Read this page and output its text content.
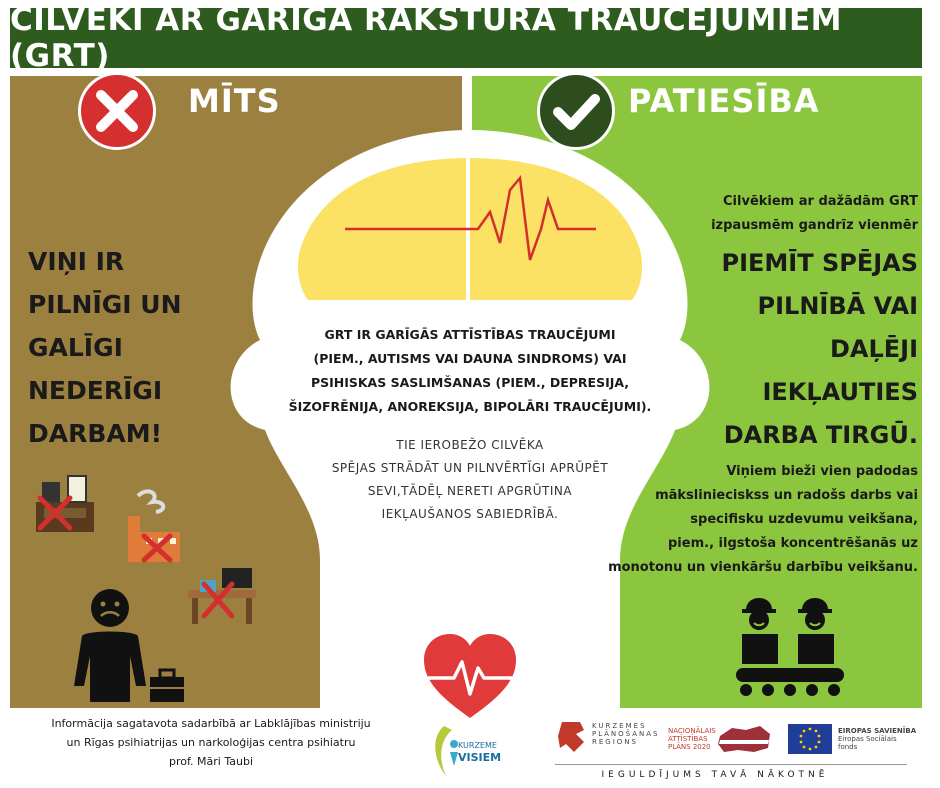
CILVĒKI AR GARĪGA RAKSTURA TRAUCĒJUMIEM (GRT)
MĪTS	PATIESĪBA
VIŅI IR
PILNĪGI UN
GALĪGI
NEDERĪGI
DARBAM!
Cilvēkiem ar dažādām GRT
izpausmēm gandrīz vienmēr
PIEMĪT SPĒJAS
PILNĪBĀ VAI
DAĻĒJI
IEKĻAUTIES
DARBA TIRGŪ.
Viņiem bieži vien padodas
mākslinieciskss un radošs darbs vai
specifisku uzdevumu veikšana,
piem., ilgstoša koncentrēšanās uz
monotonu un vienkāršu darbību veikšanu.
GRT IR GARĪGĀS ATTĪSTĪBAS TRAUCĒJUMI
(PIEM., AUTISMS VAI DAUNA SINDROMS) VAI
PSIHISKAS SASLIMŠANAS (PIEM., DEPRESIJA,
ŠIZOFRĒNIJA, ANOREKSIJA, BIPOLĀRI TRAUCĒJUMI).
TIE IEROBEŽO CILVĒKA
SPĒJAS STRĀDĀT UN PILNVĒRTĪGI APRŪPĒT
SEVI,TĀDĒĻ NERETI APGRŪTINA
IEKĻAUŠANOS SABIEDRĪBĀ.
Informācija sagatavota sadarbībā ar Labklājības ministriju
un Rīgas psihiatrijas un narkoloģijas centra psihiatru
prof. Māri Taubi
KURZEME
VISIEM
KURZEMES
PLĀNOŠANAS
REGIONS
NACIONĀLAIS
ATTĪSTĪBAS
PLĀNS 2020
EIROPAS SAVIENĪBA
Eiropas Sociālais
fonds
IEGULDĪJUMS TAVĀ NĀKOTNĒ
